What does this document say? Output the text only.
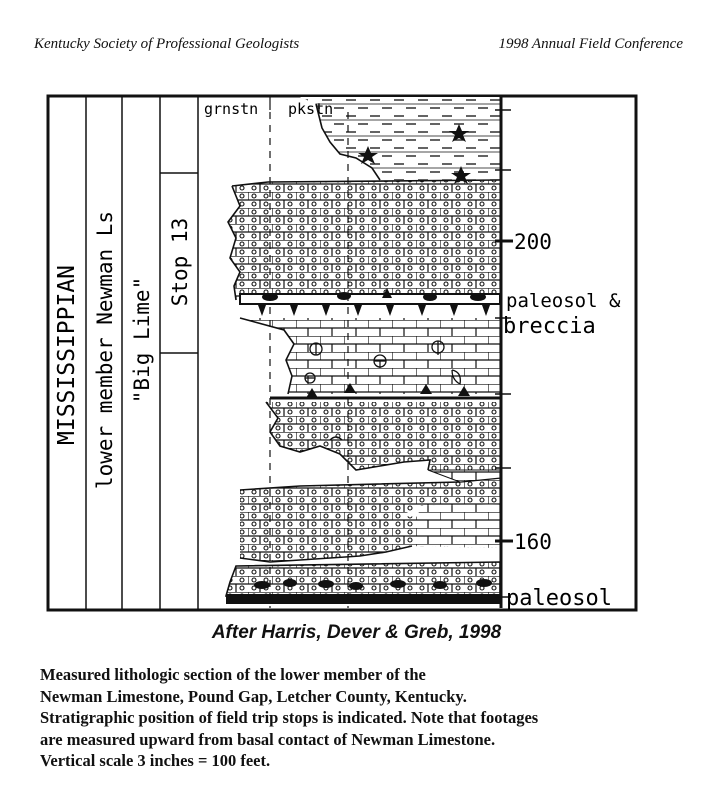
Kentucky Society of Professional Geologists	1998 Annual Field Conference
MISSISSIPPIAN lower member Newman Ls "Big Lime"
Stop 13
grnstn pkstn
200
160
paleosol &
breccia
paleosol
After Harris, Dever & Greb, 1998
Measured lithologic section of the lower member of the
Newman Limestone, Pound Gap, Letcher County, Kentucky.
Stratigraphic position of field trip stops is indicated. Note that footages
are measured upward from basal contact of Newman Limestone.
Vertical scale 3 inches = 100 feet.
